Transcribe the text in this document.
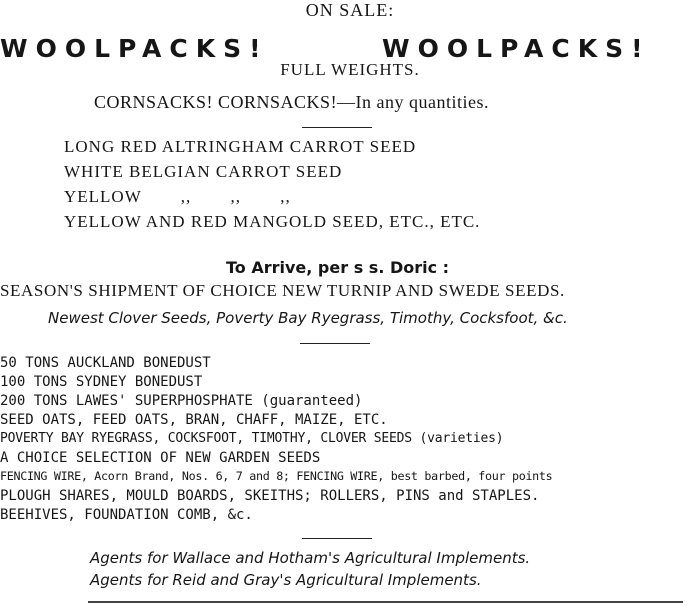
ON SALE:
WOOLPACKS!	WOOLPACKS!
FULL WEIGHTS.
CORNSACKS! CORNSACKS!—In any quantities.
LONG RED ALTRINGHAM CARROT SEED
WHITE BELGIAN CARROT SEED
YELLOW ,, ,, ,,
YELLOW AND RED MANGOLD SEED, ETC., ETC.
To Arrive, per s s. Doric :
SEASON'S SHIPMENT OF CHOICE NEW TURNIP AND SWEDE SEEDS.
Newest Clover Seeds, Poverty Bay Ryegrass, Timothy, Cocksfoot, &c.
50 TONS AUCKLAND BONEDUST
100 TONS SYDNEY BONEDUST
200 TONS LAWES' SUPERPHOSPHATE (guaranteed)
SEED OATS, FEED OATS, BRAN, CHAFF, MAIZE, ETC.
POVERTY BAY RYEGRASS, COCKSFOOT, TIMOTHY, CLOVER SEEDS (varieties)
A CHOICE SELECTION OF NEW GARDEN SEEDS
FENCING WIRE, Acorn Brand, Nos. 6, 7 and 8; FENCING WIRE, best barbed, four points
PLOUGH SHARES, MOULD BOARDS, SKEITHS; ROLLERS, PINS and STAPLES.
BEEHIVES, FOUNDATION COMB, &c.
Agents for Wallace and Hotham's Agricultural Implements.
Agents for Reid and Gray's Agricultural Implements.
